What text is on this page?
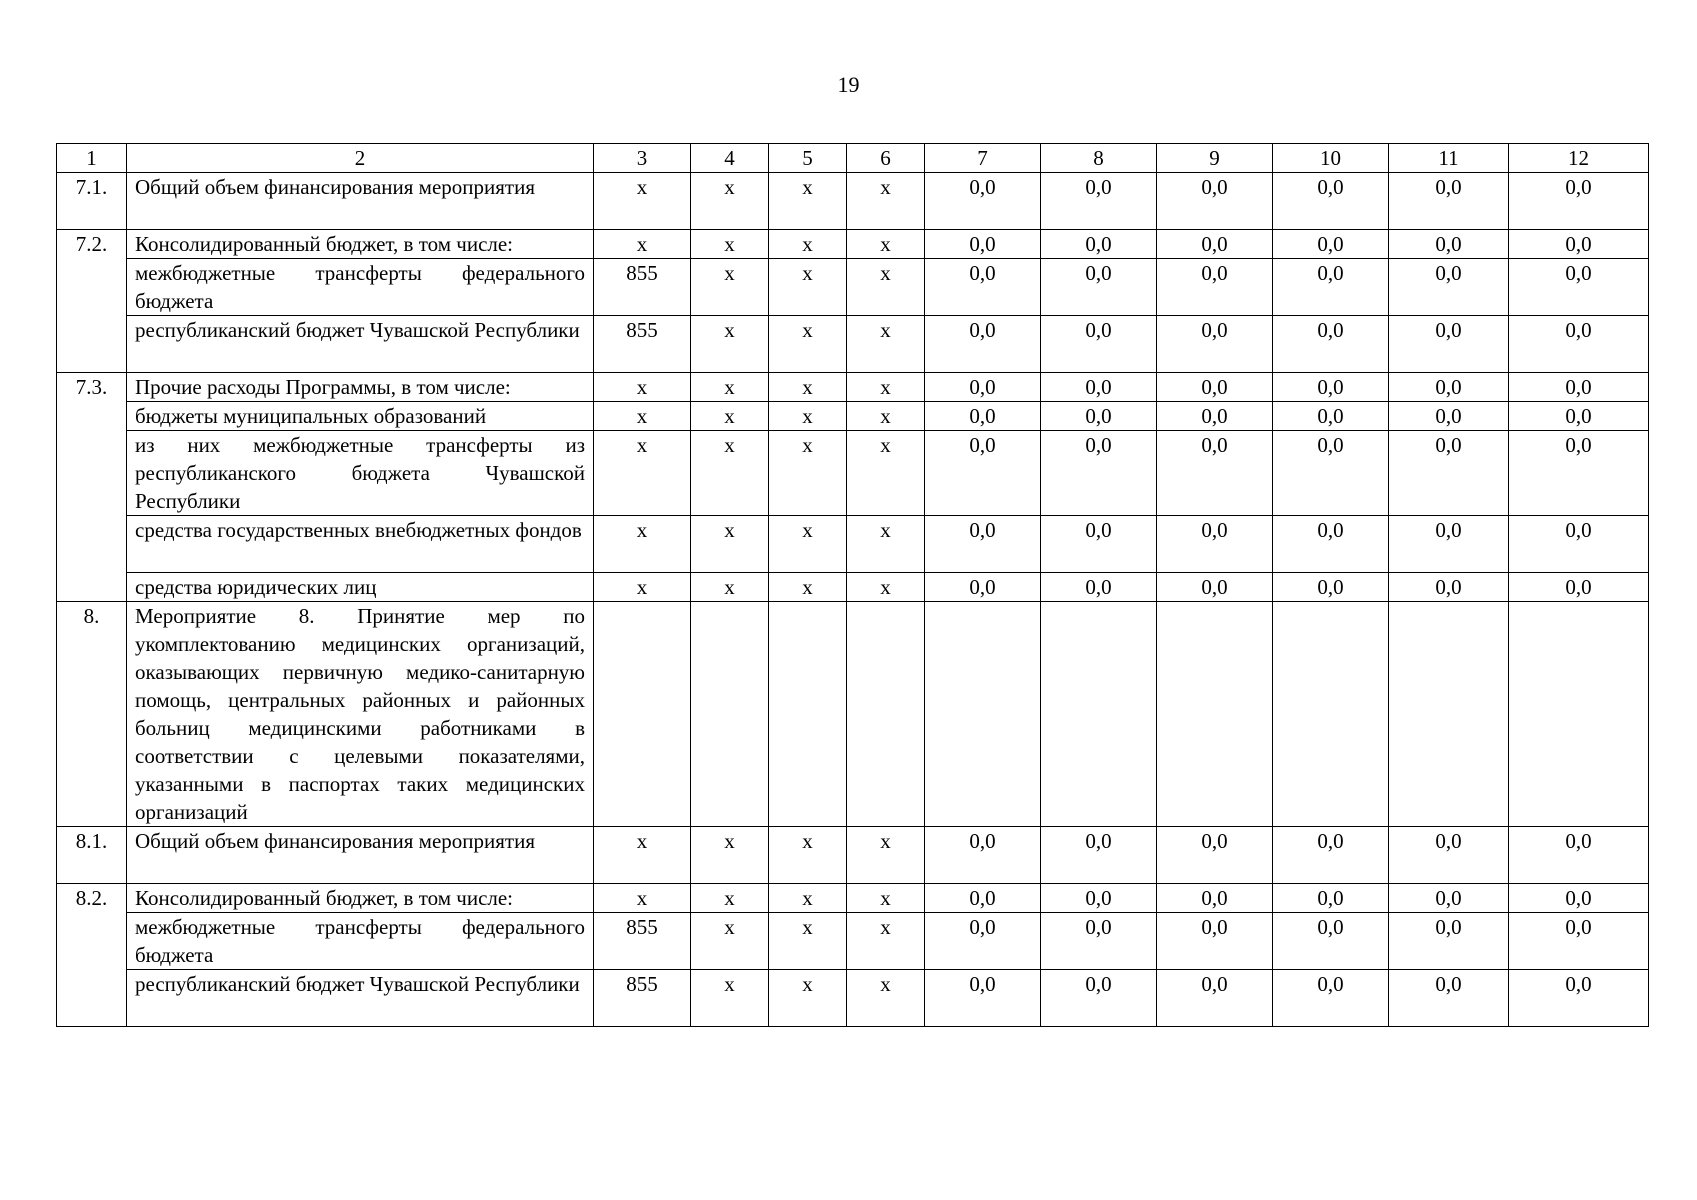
19
1	2	3	4	5	6	7	8	9	10	11	12
7.1.	Общий объем финансирования мероприятия	x	x	x	x	0,0	0,0	0,0	0,0	0,0	0,0
7.2.	Консолидированный бюджет, в том числе:	x	x	x	x	0,0	0,0	0,0	0,0	0,0	0,0
	межбюджетные трансферты федерального бюджета	855	x	x	x	0,0	0,0	0,0	0,0	0,0	0,0
	республиканский бюджет Чувашской Республики	855	x	x	x	0,0	0,0	0,0	0,0	0,0	0,0
7.3.	Прочие расходы Программы, в том числе:	x	x	x	x	0,0	0,0	0,0	0,0	0,0	0,0
	бюджеты муниципальных образований	x	x	x	x	0,0	0,0	0,0	0,0	0,0	0,0
	из них межбюджетные трансферты из республиканского бюджета Чувашской Республики	x	x	x	x	0,0	0,0	0,0	0,0	0,0	0,0
	средства государственных внебюджетных фондов	x	x	x	x	0,0	0,0	0,0	0,0	0,0	0,0
	средства юридических лиц	x	x	x	x	0,0	0,0	0,0	0,0	0,0	0,0
8.	Мероприятие 8. Принятие мер по укомплектованию медицинских организаций, оказывающих первичную медико-санитарную помощь, центральных районных и районных больниц медицинскими работниками в соответствии с целевыми показателями, указанными в паспортах таких медицинских организаций										
8.1.	Общий объем финансирования мероприятия	x	x	x	x	0,0	0,0	0,0	0,0	0,0	0,0
8.2.	Консолидированный бюджет, в том числе:	x	x	x	x	0,0	0,0	0,0	0,0	0,0	0,0
	межбюджетные трансферты федерального бюджета	855	x	x	x	0,0	0,0	0,0	0,0	0,0	0,0
	республиканский бюджет Чувашской Республики	855	x	x	x	0,0	0,0	0,0	0,0	0,0	0,0
